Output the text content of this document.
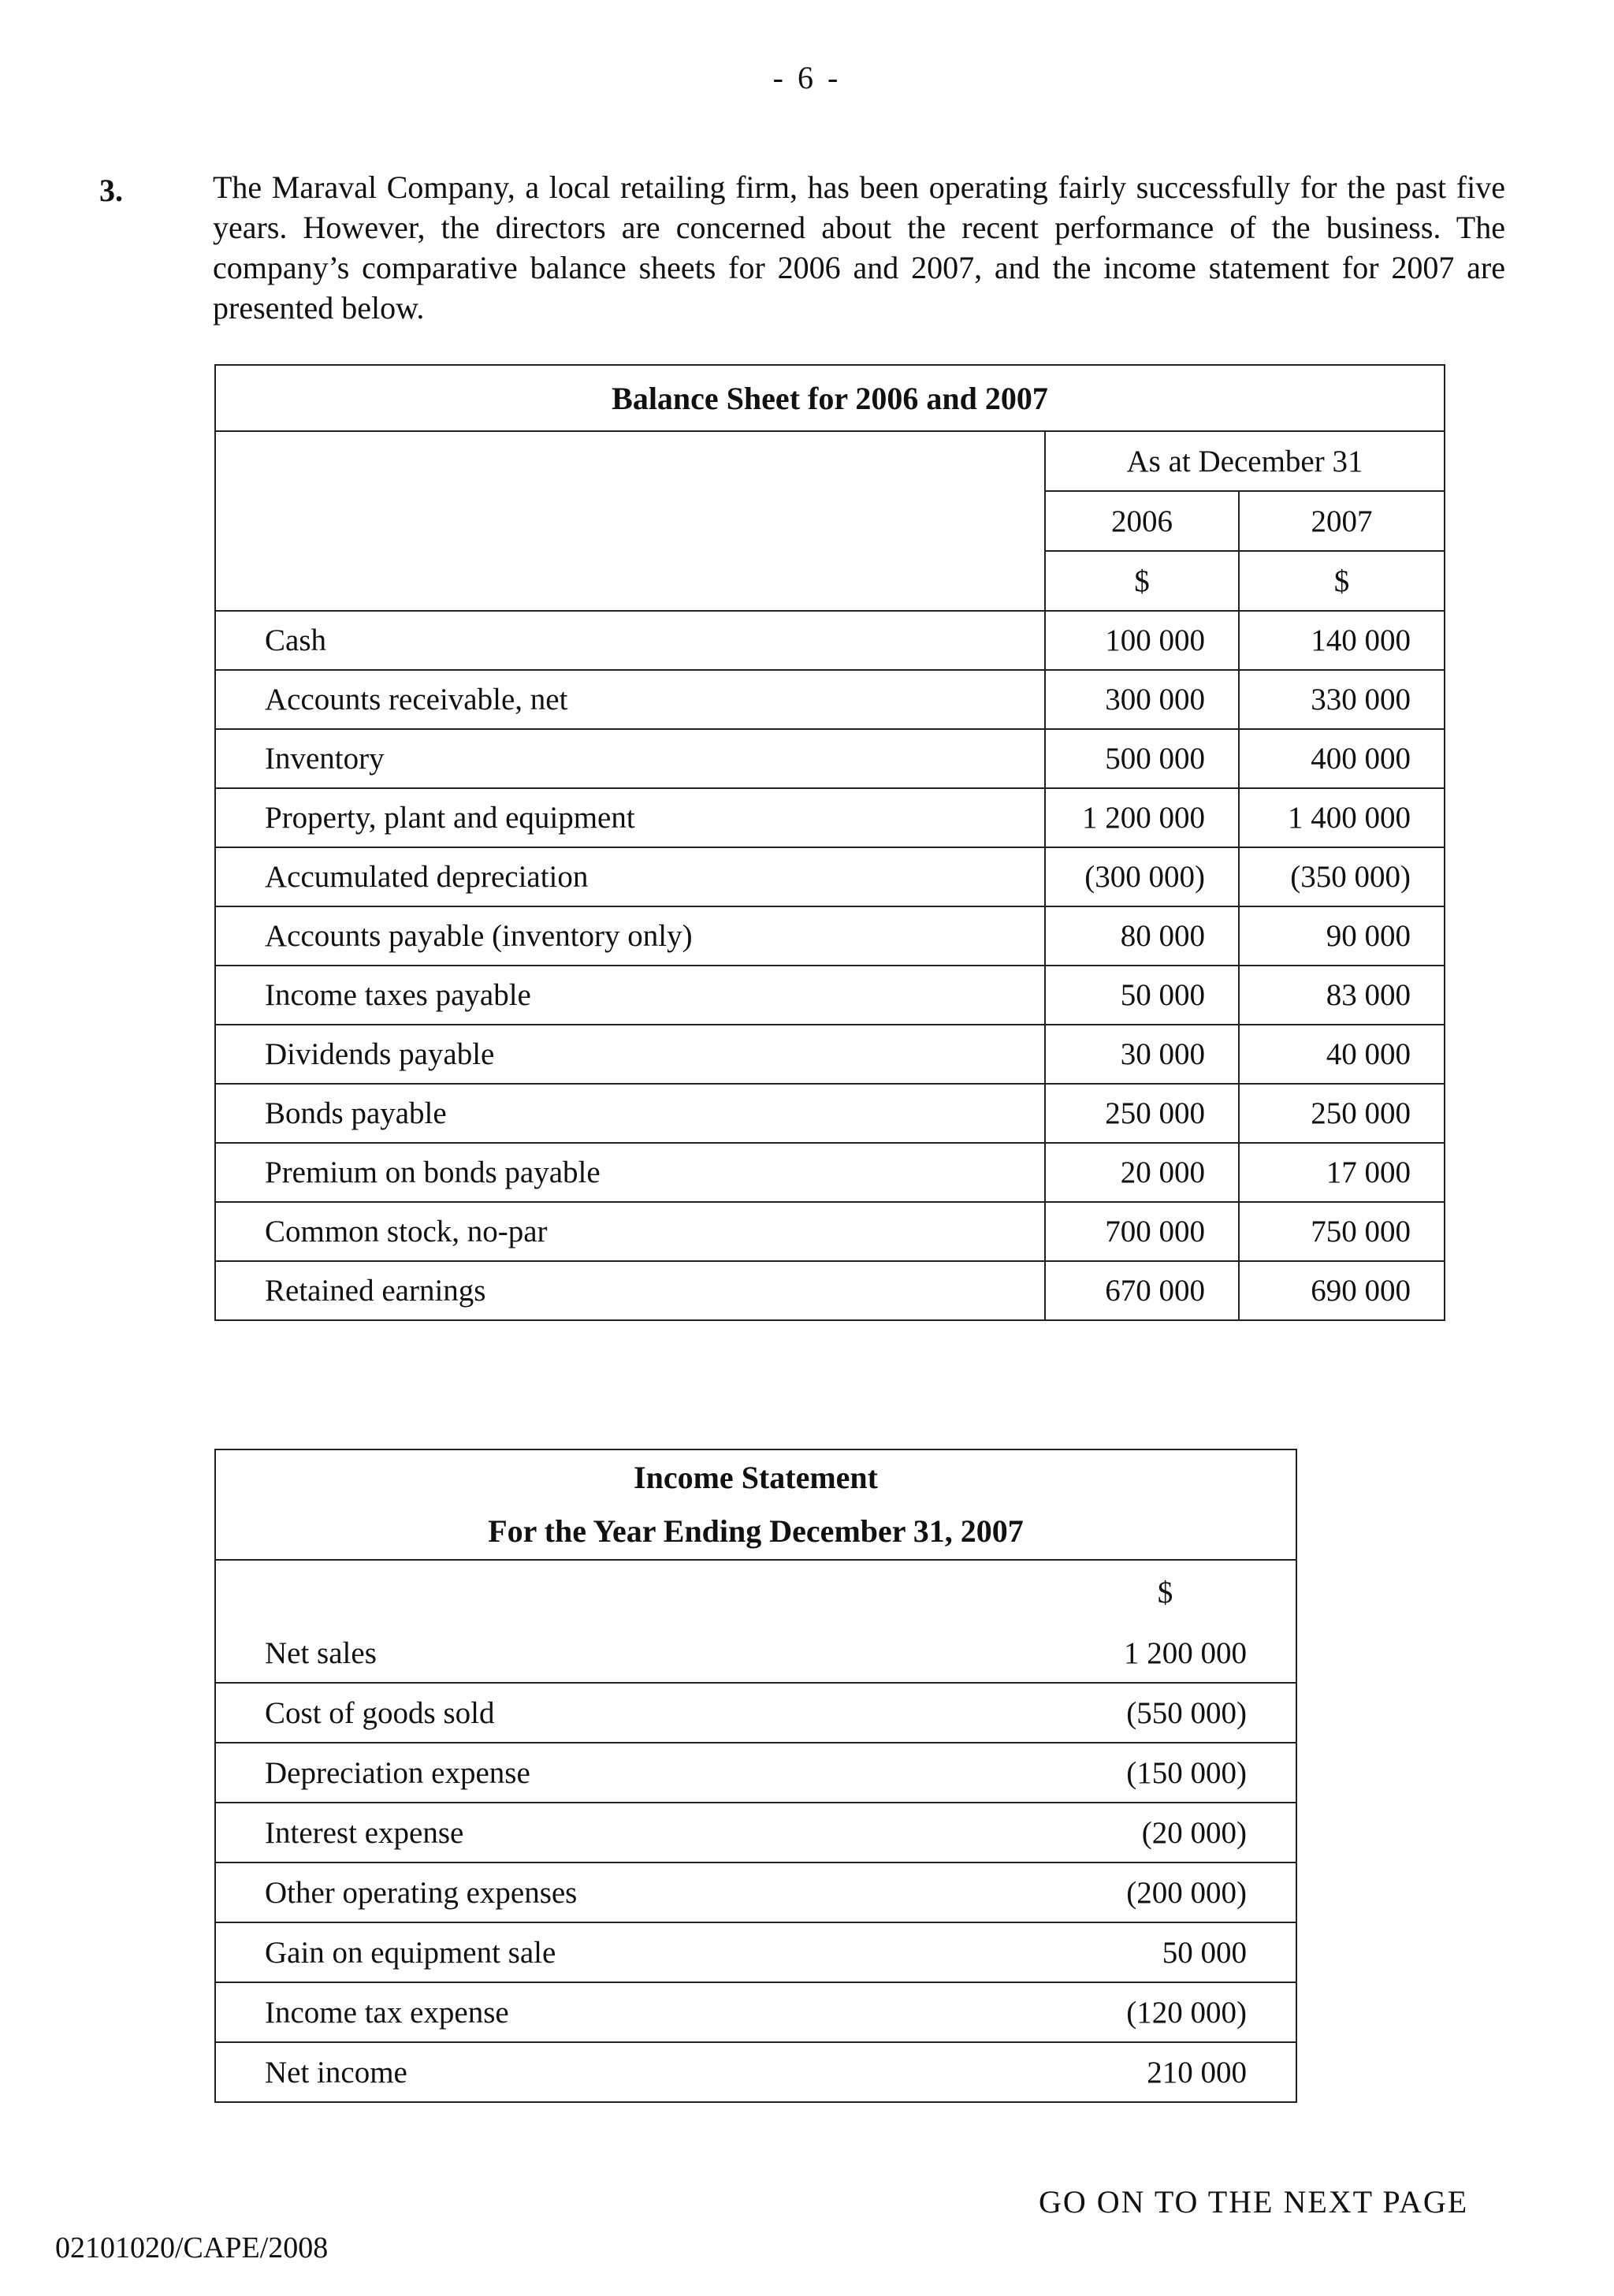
- 6 -
3.	The Maraval Company, a local retailing firm, has been operating fairly successfully for the past five years. However, the directors are concerned about the recent performance of the business. The company’s comparative balance sheets for 2006 and 2007, and the income statement for 2007 are presented below.
Balance Sheet for 2006 and 2007		
	As at December 31	
	2006	2007
	$	$
Cash	100 000	140 000
Accounts receivable, net	300 000	330 000
Inventory	500 000	400 000
Property, plant and equipment	1 200 000	1 400 000
Accumulated depreciation	(300 000)	(350 000)
Accounts payable (inventory only)	80 000	90 000
Income taxes payable	50 000	83 000
Dividends payable	30 000	40 000
Bonds payable	250 000	250 000
Premium on bonds payable	20 000	17 000
Common stock, no-par	700 000	750 000
Retained earnings	670 000	690 000
Income Statement
For the Year Ending December 31, 2007	

	$
Net sales	1 200 000
Cost of goods sold	(550 000)
Depreciation expense	(150 000)
Interest expense	(20 000)
Other operating expenses	(200 000)
Gain on equipment sale	50 000
Income tax expense	(120 000)
Net income	210 000
GO ON TO THE NEXT PAGE
02101020/CAPE/2008
